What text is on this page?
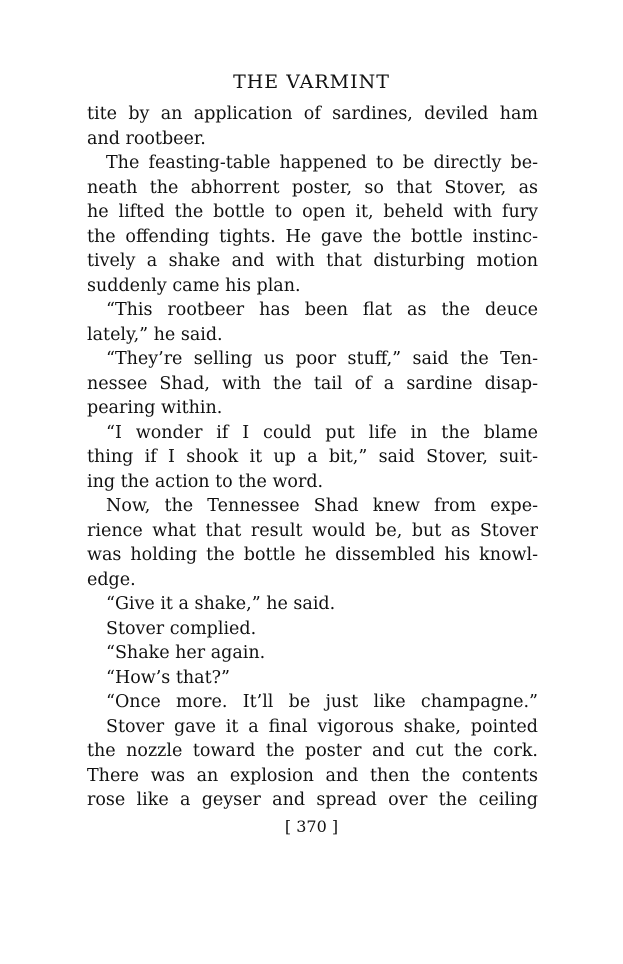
THE VARMINT
tite by an application of sardines, deviled ham
and rootbeer.
The feasting-table happened to be directly be-
neath the abhorrent poster, so that Stover, as
he lifted the bottle to open it, beheld with fury
the offending tights. He gave the bottle instinc-
tively a shake and with that disturbing motion
suddenly came his plan.
“This rootbeer has been flat as the deuce
lately,” he said.
“They’re selling us poor stuff,” said the Ten-
nessee Shad, with the tail of a sardine disap-
pearing within.
“I wonder if I could put life in the blame
thing if I shook it up a bit,” said Stover, suit-
ing the action to the word.
Now, the Tennessee Shad knew from expe-
rience what that result would be, but as Stover
was holding the bottle he dissembled his knowl-
edge.
“Give it a shake,” he said.
Stover complied.
“Shake her again.
“How’s that?”
“Once more. It’ll be just like champagne.”
Stover gave it a final vigorous shake, pointed
the nozzle toward the poster and cut the cork.
There was an explosion and then the contents
rose like a geyser and spread over the ceiling
[ 370 ]
